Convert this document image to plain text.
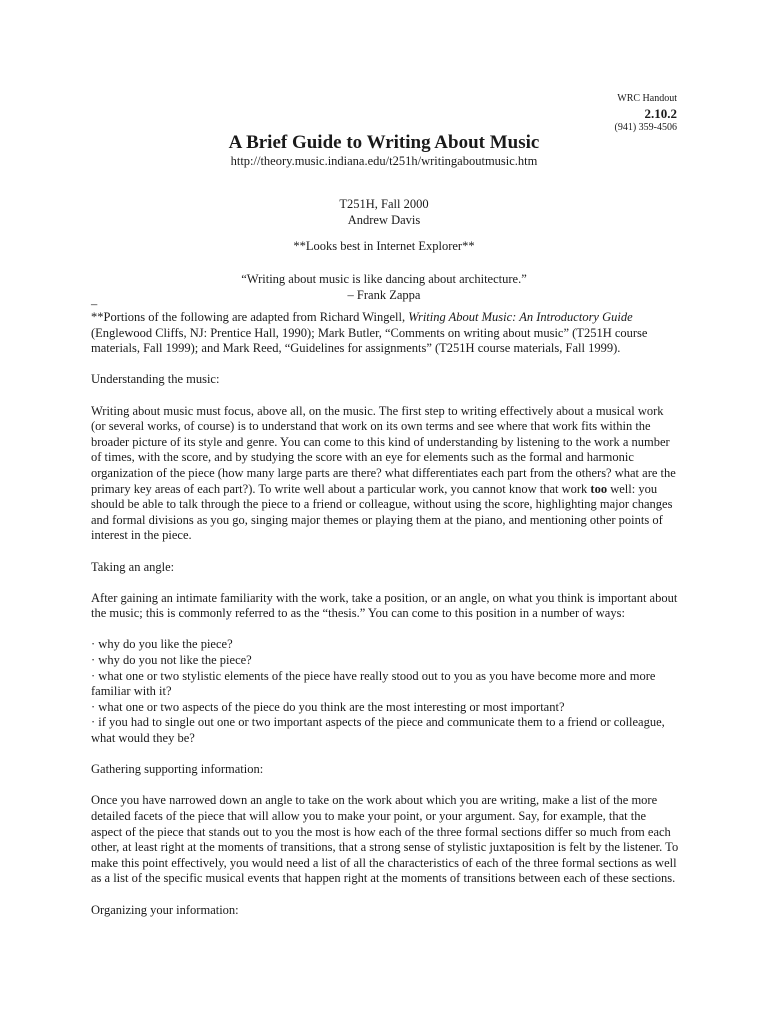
WRC Handout
2.10.2
(941) 359-4506
A Brief Guide to Writing About Music
http://theory.music.indiana.edu/t251h/writingaboutmusic.htm
T251H, Fall 2000
Andrew Davis
**Looks best in Internet Explorer**
“Writing about music is like dancing about architecture.”
– Frank Zappa
–

**Portions of the following are adapted from Richard Wingell, Writing About Music: An Introductory Guide (Englewood Cliffs, NJ: Prentice Hall, 1990); Mark Butler, “Comments on writing about music” (T251H course materials, Fall 1999); and Mark Reed, “Guidelines for assignments” (T251H course materials, Fall 1999).

Understanding the music:

Writing about music must focus, above all, on the music. The first step to writing effectively about a musical work (or several works, of course) is to understand that work on its own terms and see where that work fits within the broader picture of its style and genre. You can come to this kind of understanding by listening to the work a number of times, with the score, and by studying the score with an eye for elements such as the formal and harmonic organization of the piece (how many large parts are there? what differentiates each part from the others? what are the primary key areas of each part?). To write well about a particular work, you cannot know that work too well: you should be able to talk through the piece to a friend or colleague, without using the score, highlighting major changes and formal divisions as you go, singing major themes or playing them at the piano, and mentioning other points of interest in the piece.

Taking an angle:

After gaining an intimate familiarity with the work, take a position, or an angle, on what you think is important about the music; this is commonly referred to as the “thesis.” You can come to this position in a number of ways:

· why do you like the piece?
· why do you not like the piece?
· what one or two stylistic elements of the piece have really stood out to you as you have become more and more familiar with it?
· what one or two aspects of the piece do you think are the most interesting or most important?
· if you had to single out one or two important aspects of the piece and communicate them to a friend or colleague, what would they be?

Gathering supporting information:

Once you have narrowed down an angle to take on the work about which you are writing, make a list of the more detailed facets of the piece that will allow you to make your point, or your argument. Say, for example, that the aspect of the piece that stands out to you the most is how each of the three formal sections differ so much from each other, at least right at the moments of transitions, that a strong sense of stylistic juxtaposition is felt by the listener. To make this point effectively, you would need a list of all the characteristics of each of the three formal sections as well as a list of the specific musical events that happen right at the moments of transitions between each of these sections.

Organizing your information:
